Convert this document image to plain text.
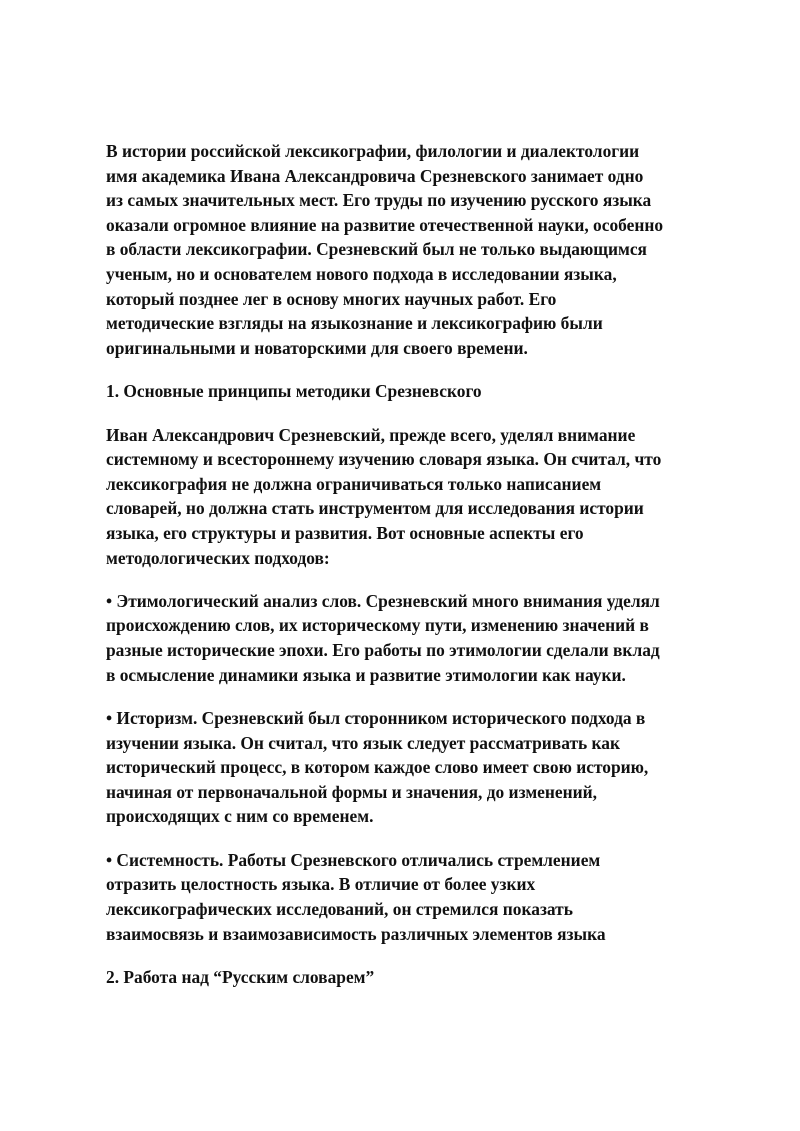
В истории российской лексикографии, филологии и диалектологии
имя академика Ивана Александровича Срезневского занимает одно
из самых значительных мест. Его труды по изучению русского языка
оказали огромное влияние на развитие отечественной науки, особенно
в области лексикографии. Срезневский был не только выдающимся
ученым, но и основателем нового подхода в исследовании языка,
который позднее лег в основу многих научных работ. Его
методические взгляды на языкознание и лексикографию были
оригинальными и новаторскими для своего времени.

1. Основные принципы методики Срезневского

Иван Александрович Срезневский, прежде всего, уделял внимание
системному и всестороннему изучению словаря языка. Он считал, что
лексикография не должна ограничиваться только написанием
словарей, но должна стать инструментом для исследования истории
языка, его структуры и развития. Вот основные аспекты его
методологических подходов:

• Этимологический анализ слов. Срезневский много внимания уделял
происхождению слов, их историческому пути, изменению значений в
разные исторические эпохи. Его работы по этимологии сделали вклад
в осмысление динамики языка и развитие этимологии как науки.

• Историзм. Срезневский был сторонником исторического подхода в
изучении языка. Он считал, что язык следует рассматривать как
исторический процесс, в котором каждое слово имеет свою историю,
начиная от первоначальной формы и значения, до изменений,
происходящих с ним со временем.

• Системность. Работы Срезневского отличались стремлением
отразить целостность языка. В отличие от более узких
лексикографических исследований, он стремился показать
взаимосвязь и взаимозависимость различных элементов языка

2. Работа над “Русским словарем”
